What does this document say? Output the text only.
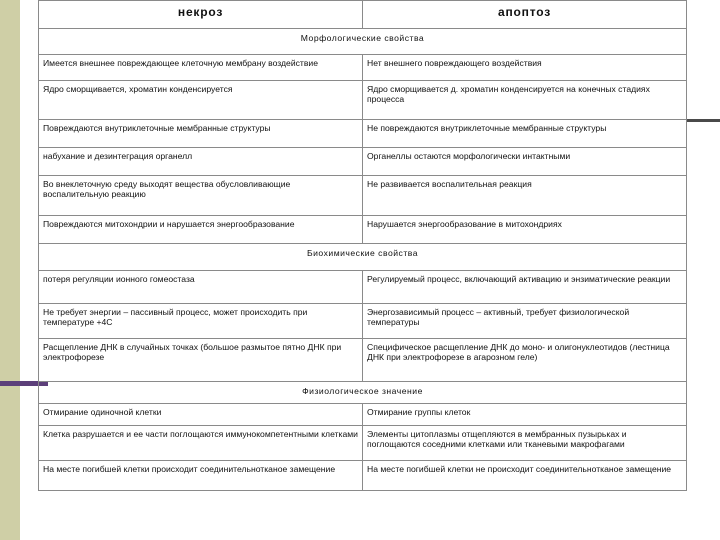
некроз	апоптоз
Морфологические свойства	
Имеется внешнее повреждающее клеточную мембрану воздействие	Нет внешнего повреждающего воздействия
Ядро сморщивается, хроматин конденсируется	Ядро сморщивается д. хроматин конденсируется на конечных стадиях процесса
Повреждаются внутриклеточные мембранные структуры	Не повреждаются внутриклеточные мембранные структуры
набухание и дезинтеграция органелл	Органеллы остаются морфологически интактными
Во внеклеточную среду выходят вещества обусловливающие воспалительную реакцию	Не развивается воспалительная реакция
Повреждаются митохондрии и нарушается энергообразование	Нарушается энергообразование в митохондриях
Биохимические свойства	
потеря регуляции ионного гомеостаза	Регулируемый процесс, включающий активацию и энзиматические реакции
Не требует энергии – пассивный процесс, может происходить при температуре +4С	Энергозависимый процесс – активный, требует физиологической температуры
Расщепление ДНК в случайных точках (большое размытое пятно ДНК при электрофорезе	Специфическое расщепление ДНК до моно- и олигонуклеотидов (лестница ДНК при электрофорезе в агарозном геле)
Физиологическое значение	
Отмирание одиночной клетки	Отмирание группы клеток
Клетка разрушается и ее части поглощаются иммунокомпетентными клетками	Элементы цитоплазмы отщепляются в мембранных пузырьках и поглощаются соседними клетками или тканевыми макрофагами
На месте погибшей клетки происходит соединительнотканое замещение	На месте погибшей клетки не происходит соединительнотканое замещение
